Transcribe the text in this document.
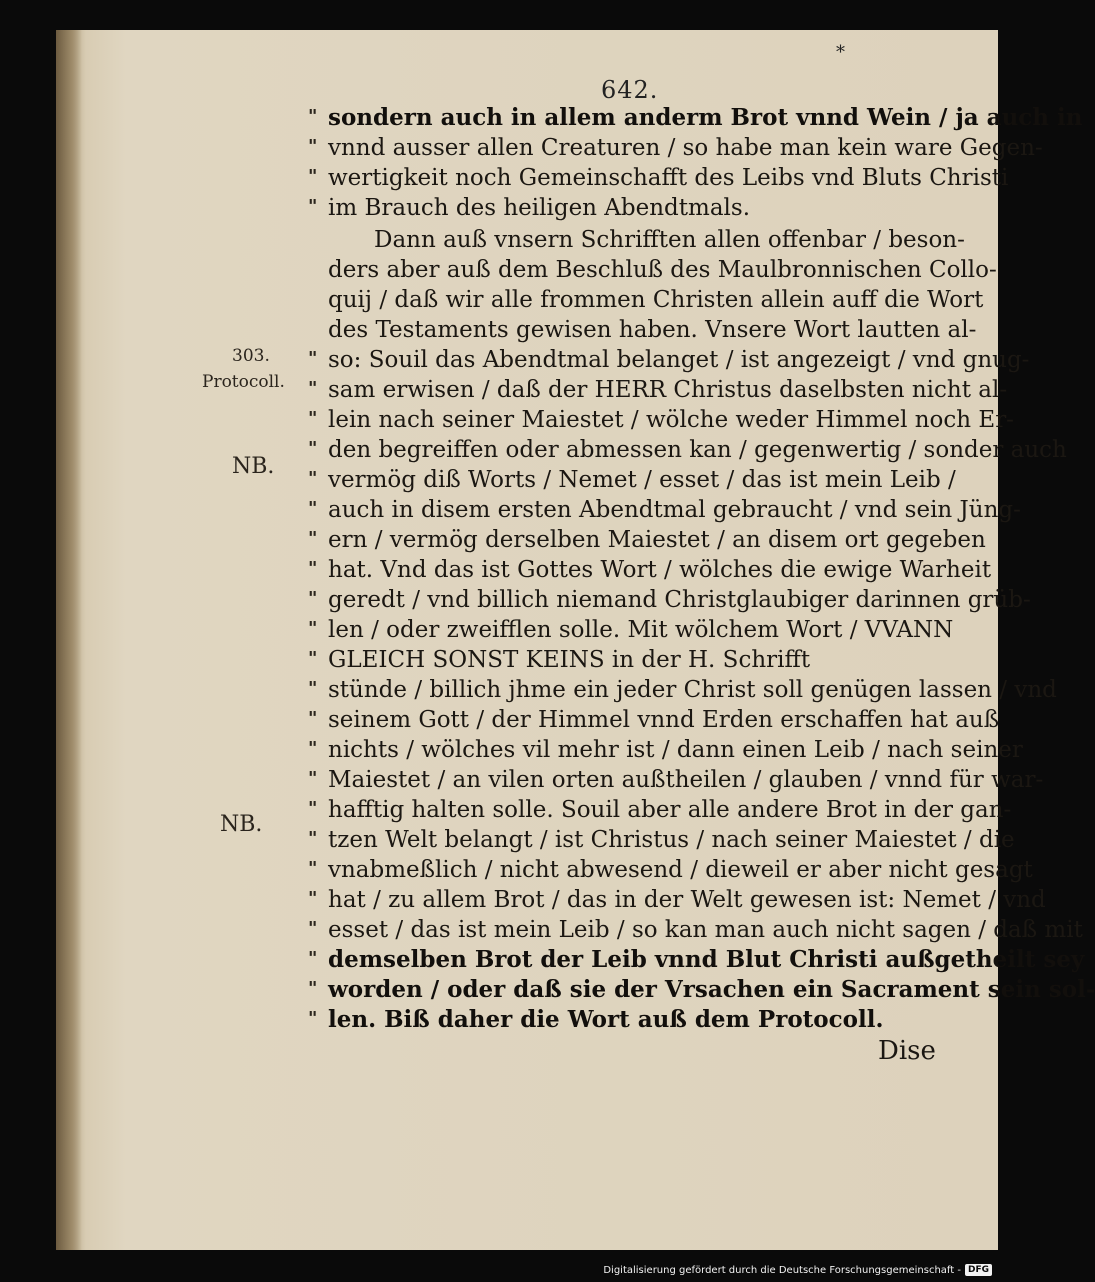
*
642.
303.
Protocoll.
NB.
NB.
" sondern auch in allem anderm Brot vnnd Wein / ja auch in
" vnnd ausser allen Creaturen / so habe man kein ware Gegen-
" wertigkeit noch Gemeinschafft des Leibs vnd Bluts Christi
" im Brauch des heiligen Abendtmals.
Dann auß vnsern Schrifften allen offenbar / beson-
ders aber auß dem Beschluß des Maulbronnischen Collo-
quij / daß wir alle frommen Christen allein auff die Wort
des Testaments gewisen haben. Vnsere Wort lautten al-
" so: Souil das Abendtmal belanget / ist angezeigt / vnd gnug-
" sam erwisen / daß der HERR Christus daselbsten nicht al-
" lein nach seiner Maiestet / wölche weder Himmel noch Er-
" den begreiffen oder abmessen kan / gegenwertig / sonder auch
" vermög diß Worts / Nemet / esset / das ist mein Leib /
" auch in disem ersten Abendtmal gebraucht / vnd sein Jüng-
" ern / vermög derselben Maiestet / an disem ort gegeben
" hat. Vnd das ist Gottes Wort / wölches die ewige Warheit
" geredt / vnd billich niemand Christglaubiger darinnen grüb-
" len / oder zweifflen solle. Mit wölchem Wort / VVANN
" GLEICH SONST KEINS in der H. Schrifft
" stünde / billich jhme ein jeder Christ soll genügen lassen / vnd
" seinem Gott / der Himmel vnnd Erden erschaffen hat auß
" nichts / wölches vil mehr ist / dann einen Leib / nach seiner
" Maiestet / an vilen orten außtheilen / glauben / vnnd für war-
" hafftig halten solle. Souil aber alle andere Brot in der gan-
" tzen Welt belangt / ist Christus / nach seiner Maiestet / die
" vnabmeßlich / nicht abwesend / dieweil er aber nicht gesagt
" hat / zu allem Brot / das in der Welt gewesen ist: Nemet / vnd
" esset / das ist mein Leib / so kan man auch nicht sagen / daß mit
" demselben Brot der Leib vnnd Blut Christi außgetheilt sey
" worden / oder daß sie der Vrsachen ein Sacrament sein sol-
" len. Biß daher die Wort auß dem Protocoll.
Dise
Digitalisierung gefördert durch die Deutsche Forschungsgemeinschaft - DFG
